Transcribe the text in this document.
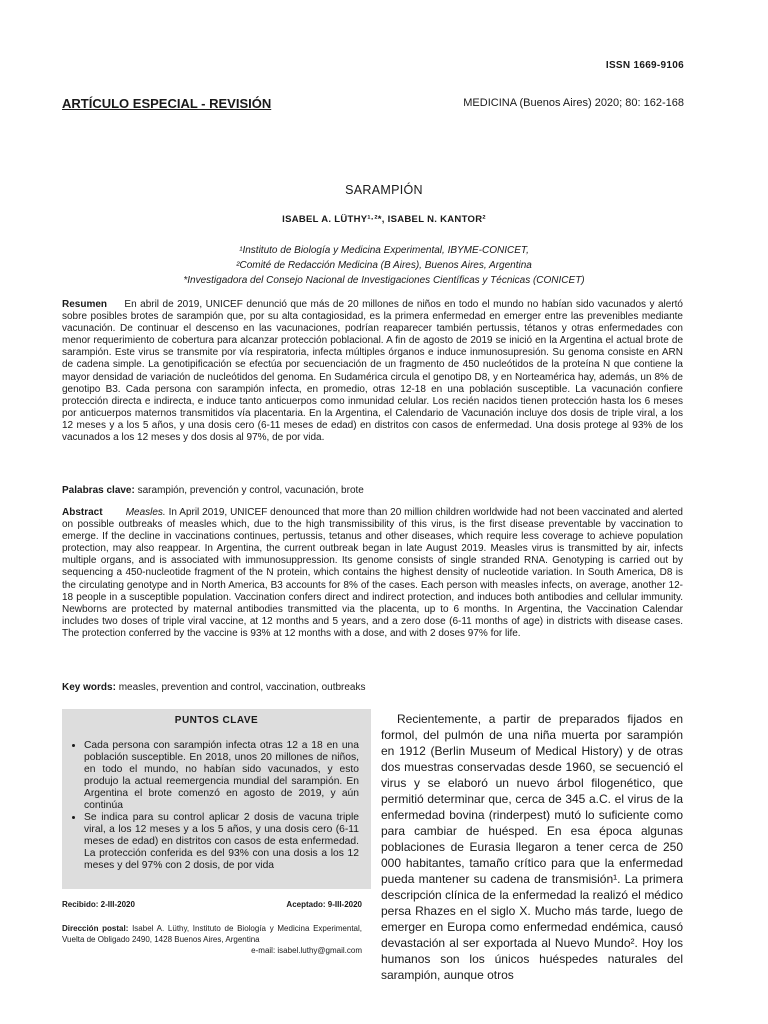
ISSN 1669-9106
ARTÍCULO ESPECIAL - REVISIÓN	MEDICINA (Buenos Aires) 2020; 80: 162-168
SARAMPIÓN
ISABEL A. LÜTHY¹·²*, ISABEL N. KANTOR²
¹Instituto de Biología y Medicina Experimental, IBYME-CONICET,
²Comité de Redacción Medicina (B Aires), Buenos Aires, Argentina
*Investigadora del Consejo Nacional de Investigaciones Científicas y Técnicas (CONICET)
Resumen En abril de 2019, UNICEF denunció que más de 20 millones de niños en todo el mundo no habían sido vacunados y alertó sobre posibles brotes de sarampión que, por su alta contagiosidad, es la primera enfermedad en emerger entre las prevenibles mediante vacunación. De continuar el descenso en las vacunaciones, podrían reaparecer también pertussis, tétanos y otras enfermedades con menor requerimiento de cobertura para alcanzar protección poblacional. A fin de agosto de 2019 se inició en la Argentina el actual brote de sarampión. Este virus se transmite por vía respiratoria, infecta múltiples órganos e induce inmunosupresión. Su genoma consiste en ARN de cadena simple. La genotipificación se efectúa por secuenciación de un fragmento de 450 nucleótidos de la proteína N que contiene la mayor densidad de variación de nucleótidos del genoma. En Sudamérica circula el genotipo D8, y en Norteamérica hay, además, un 8% de genotipo B3. Cada persona con sarampión infecta, en promedio, otras 12-18 en una población susceptible. La vacunación confiere protección directa e indirecta, e induce tanto anticuerpos como inmunidad celular. Los recién nacidos tienen protección hasta los 6 meses por anticuerpos maternos transmitidos vía placentaria. En la Argentina, el Calendario de Vacunación incluye dos dosis de triple viral, a los 12 meses y a los 5 años, y una dosis cero (6-11 meses de edad) en distritos con casos de enfermedad. Una dosis protege al 93% de los vacunados a los 12 meses y dos dosis al 97%, de por vida.
Palabras clave: sarampión, prevención y control, vacunación, brote
Abstract Measles. In April 2019, UNICEF denounced that more than 20 million children worldwide had not been vaccinated and alerted on possible outbreaks of measles which, due to the high transmissibility of this virus, is the first disease preventable by vaccination to emerge. If the decline in vaccinations continues, pertussis, tetanus and other diseases, which require less coverage to achieve population protection, may also reappear. In Argentina, the current outbreak began in late August 2019. Measles virus is transmitted by air, infects multiple organs, and is associated with immunosuppression. Its genome consists of single stranded RNA. Genotyping is carried out by sequencing a 450-nucleotide fragment of the N protein, which contains the highest density of nucleotide variation. In South America, D8 is the circulating genotype and in North America, B3 accounts for 8% of the cases. Each person with measles infects, on average, another 12-18 people in a susceptible population. Vaccination confers direct and indirect protection, and induces both antibodies and cellular immunity. Newborns are protected by maternal antibodies transmitted via the placenta, up to 6 months. In Argentina, the Vaccination Calendar includes two doses of triple viral vaccine, at 12 months and 5 years, and a zero dose (6-11 months of age) in districts with disease cases. The protection conferred by the vaccine is 93% at 12 months with a dose, and with 2 doses 97% for life.
Key words: measles, prevention and control, vaccination, outbreaks
PUNTOS CLAVE
• Cada persona con sarampión infecta otras 12 a 18 en una población susceptible. En 2018, unos 20 millones de niños, en todo el mundo, no habían sido vacunados, y esto produjo la actual reemergencia mundial del sarampión. En Argentina el brote comenzó en agosto de 2019, y aún continúa
• Se indica para su control aplicar 2 dosis de vacuna triple viral, a los 12 meses y a los 5 años, y una dosis cero (6-11 meses de edad) en distritos con casos de esta enfermedad. La protección conferida es del 93% con una dosis a los 12 meses y del 97% con 2 dosis, de por vida
Recibido: 2-III-2020	Aceptado: 9-III-2020
Dirección postal: Isabel A. Lüthy, Instituto de Biología y Medicina Experimental, Vuelta de Obligado 2490, 1428 Buenos Aires, Argentina
e-mail: isabel.luthy@gmail.com

Recientemente, a partir de preparados fijados en formol, del pulmón de una niña muerta por sarampión en 1912 (Berlin Museum of Medical History) y de otras dos muestras conservadas desde 1960, se secuenció el virus y se elaboró un nuevo árbol filogenético, que permitió determinar que, cerca de 345 a.C. el virus de la enfermedad bovina (rinderpest) mutó lo suficiente como para cambiar de huésped. En esa época algunas poblaciones de Eurasia llegaron a tener cerca de 250 000 habitantes, tamaño crítico para que la enfermedad pueda mantener su cadena de transmisión¹. La primera descripción clínica de la enfermedad la realizó el médico persa Rhazes en el siglo X. Mucho más tarde, luego de emerger en Europa como enfermedad endémica, causó devastación al ser exportada al Nuevo Mundo². Hoy los humanos son los únicos huéspedes naturales del sarampión, aunque otros
